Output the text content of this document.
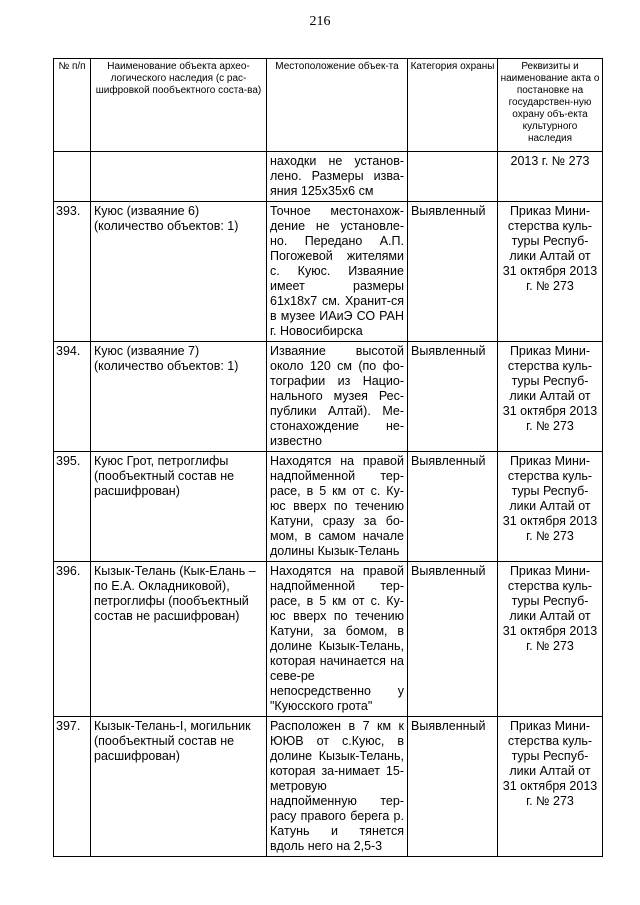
216
№ п/п	Наименование объекта архео-логического наследия (с рас-шифровкой пообъектного соста-ва)	Местоположение объек-та	Категория охраны	Реквизиты и наименование акта о постановке на государствен-ную охрану объ-екта культурного наследия
		находки не установ-лено. Размеры изва-яния 125х35х6 см		2013 г. № 273
393.	Куюс (изваяние 6) (количество объектов: 1)	Точное местонахож-дение не установле-но. Передано А.П. Погожевой жителями с. Куюс. Изваяние имеет размеры 61х18х7 см. Хранит-ся в музее ИАиЭ СО РАН г. Новосибирска	Выявленный	Приказ Мини-стерства куль-туры Респуб-лики Алтай от 31 октября 2013 г. № 273
394.	Куюс (изваяние 7) (количество объектов: 1)	Изваяние высотой около 120 см (по фо-тографии из Нацио-нального музея Рес-публики Алтай). Ме-стонахождение не-известно	Выявленный	Приказ Мини-стерства куль-туры Респуб-лики Алтай от 31 октября 2013 г. № 273
395.	Куюс Грот, петроглифы (пообъектный состав не расшифрован)	Находятся на правой надпойменной тер-расе, в 5 км от с. Ку-юс вверх по течению Катуни, сразу за бо-мом, в самом начале долины Кызык-Телань	Выявленный	Приказ Мини-стерства куль-туры Респуб-лики Алтай от 31 октября 2013 г. № 273
396.	Кызык-Телань (Кык-Елань – по Е.А. Окладниковой), петроглифы (пообъектный состав не расшифрован)	Находятся на правой надпойменной тер-расе, в 5 км от с. Ку-юс вверх по течению Катуни, за бомом, в долине Кызык-Телань, которая начинается на севе-ре непосредственно у "Куюсского грота"	Выявленный	Приказ Мини-стерства куль-туры Респуб-лики Алтай от 31 октября 2013 г. № 273
397.	Кызык-Телань-I, могильник (пообъектный состав не расшифрован)	Расположен в 7 км к ЮЮВ от с.Куюс, в долине Кызык-Телань, которая за-нимает 15-метровую надпойменную тер-расу правого берега р. Катунь и тянется вдоль него на 2,5-3	Выявленный	Приказ Мини-стерства куль-туры Респуб-лики Алтай от 31 октября 2013 г. № 273
